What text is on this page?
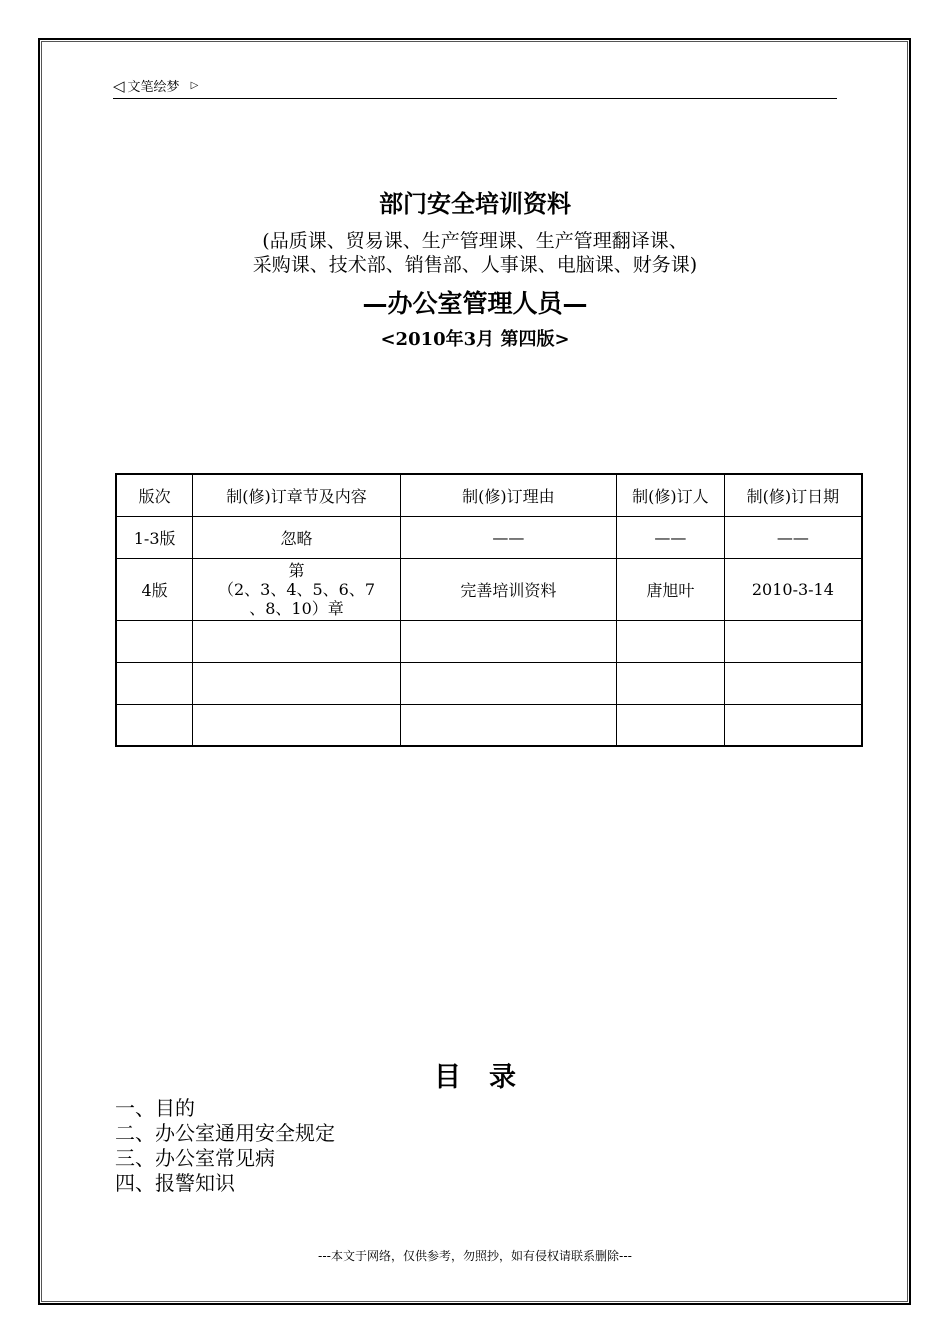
◁ 文笔绘梦 ▷
部门安全培训资料
(品质课、贸易课、生产管理课、生产管理翻译课、
采购课、技术部、销售部、人事课、电脑课、财务课)
—办公室管理人员—
<2010年3月 第四版>
版次	制(修)订章节及内容	制(修)订理由	制(修)订人	制(修)订日期
1-3版	忽略	——	——	——
4版	第
（2、3、4、5、6、7
、8、10）章	完善培训资料	唐旭叶	2010-3-14

目录
一、目的
二、办公室通用安全规定
三、办公室常见病
四、报警知识
---本文于网络，仅供参考，勿照抄，如有侵权请联系删除---
